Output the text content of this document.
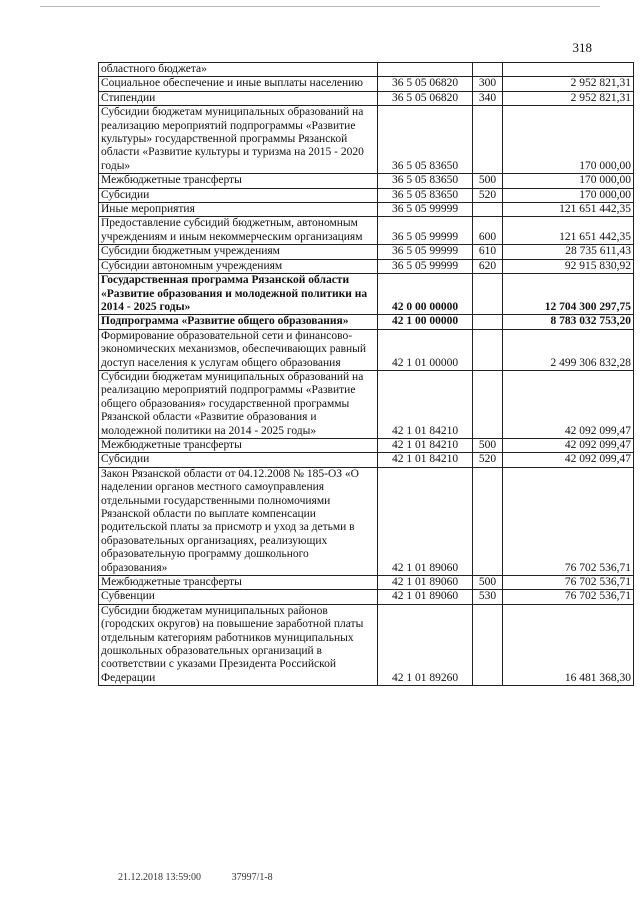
318
областного бюджета»			
Социальное обеспечение и иные выплаты населению	36 5 05 06820	300	2 952 821,31
Стипендии	36 5 05 06820	340	2 952 821,31
Субсидии бюджетам муниципальных образований на реализацию мероприятий подпрограммы «Развитие культуры» государственной программы Рязанской области «Развитие культуры и туризма на 2015 - 2020 годы»	36 5 05 83650		170 000,00
Межбюджетные трансферты	36 5 05 83650	500	170 000,00
Субсидии	36 5 05 83650	520	170 000,00
Иные мероприятия	36 5 05 99999		121 651 442,35
Предоставление субсидий бюджетным, автономным учреждениям и иным некоммерческим организациям	36 5 05 99999	600	121 651 442,35
Субсидии бюджетным учреждениям	36 5 05 99999	610	28 735 611,43
Субсидии автономным учреждениям	36 5 05 99999	620	92 915 830,92
Государственная программа Рязанской области «Развитие образования и молодежной политики на 2014 - 2025 годы»	42 0 00 00000		12 704 300 297,75
Подпрограмма «Развитие общего образования»	42 1 00 00000		8 783 032 753,20
Формирование образовательной сети и финансово-экономических механизмов, обеспечивающих равный доступ населения к услугам общего образования	42 1 01 00000		2 499 306 832,28
Субсидии бюджетам муниципальных образований на реализацию мероприятий подпрограммы «Развитие общего образования» государственной программы Рязанской области «Развитие образования и молодежной политики на 2014 - 2025 годы»	42 1 01 84210		42 092 099,47
Межбюджетные трансферты	42 1 01 84210	500	42 092 099,47
Субсидии	42 1 01 84210	520	42 092 099,47
Закон Рязанской области от 04.12.2008 № 185-ОЗ «О наделении органов местного самоуправления отдельными государственными полномочиями Рязанской области по выплате компенсации родительской платы за присмотр и уход за детьми в образовательных организациях, реализующих образовательную программу дошкольного образования»	42 1 01 89060		76 702 536,71
Межбюджетные трансферты	42 1 01 89060	500	76 702 536,71
Субвенции	42 1 01 89060	530	76 702 536,71
Субсидии бюджетам муниципальных районов (городских округов) на повышение заработной платы отдельным категориям работников муниципальных дошкольных образовательных организаций в соответствии с указами Президента Российской Федерации	42 1 01 89260		16 481 368,30
21.12.2018 13:59:00	37997/1-8
